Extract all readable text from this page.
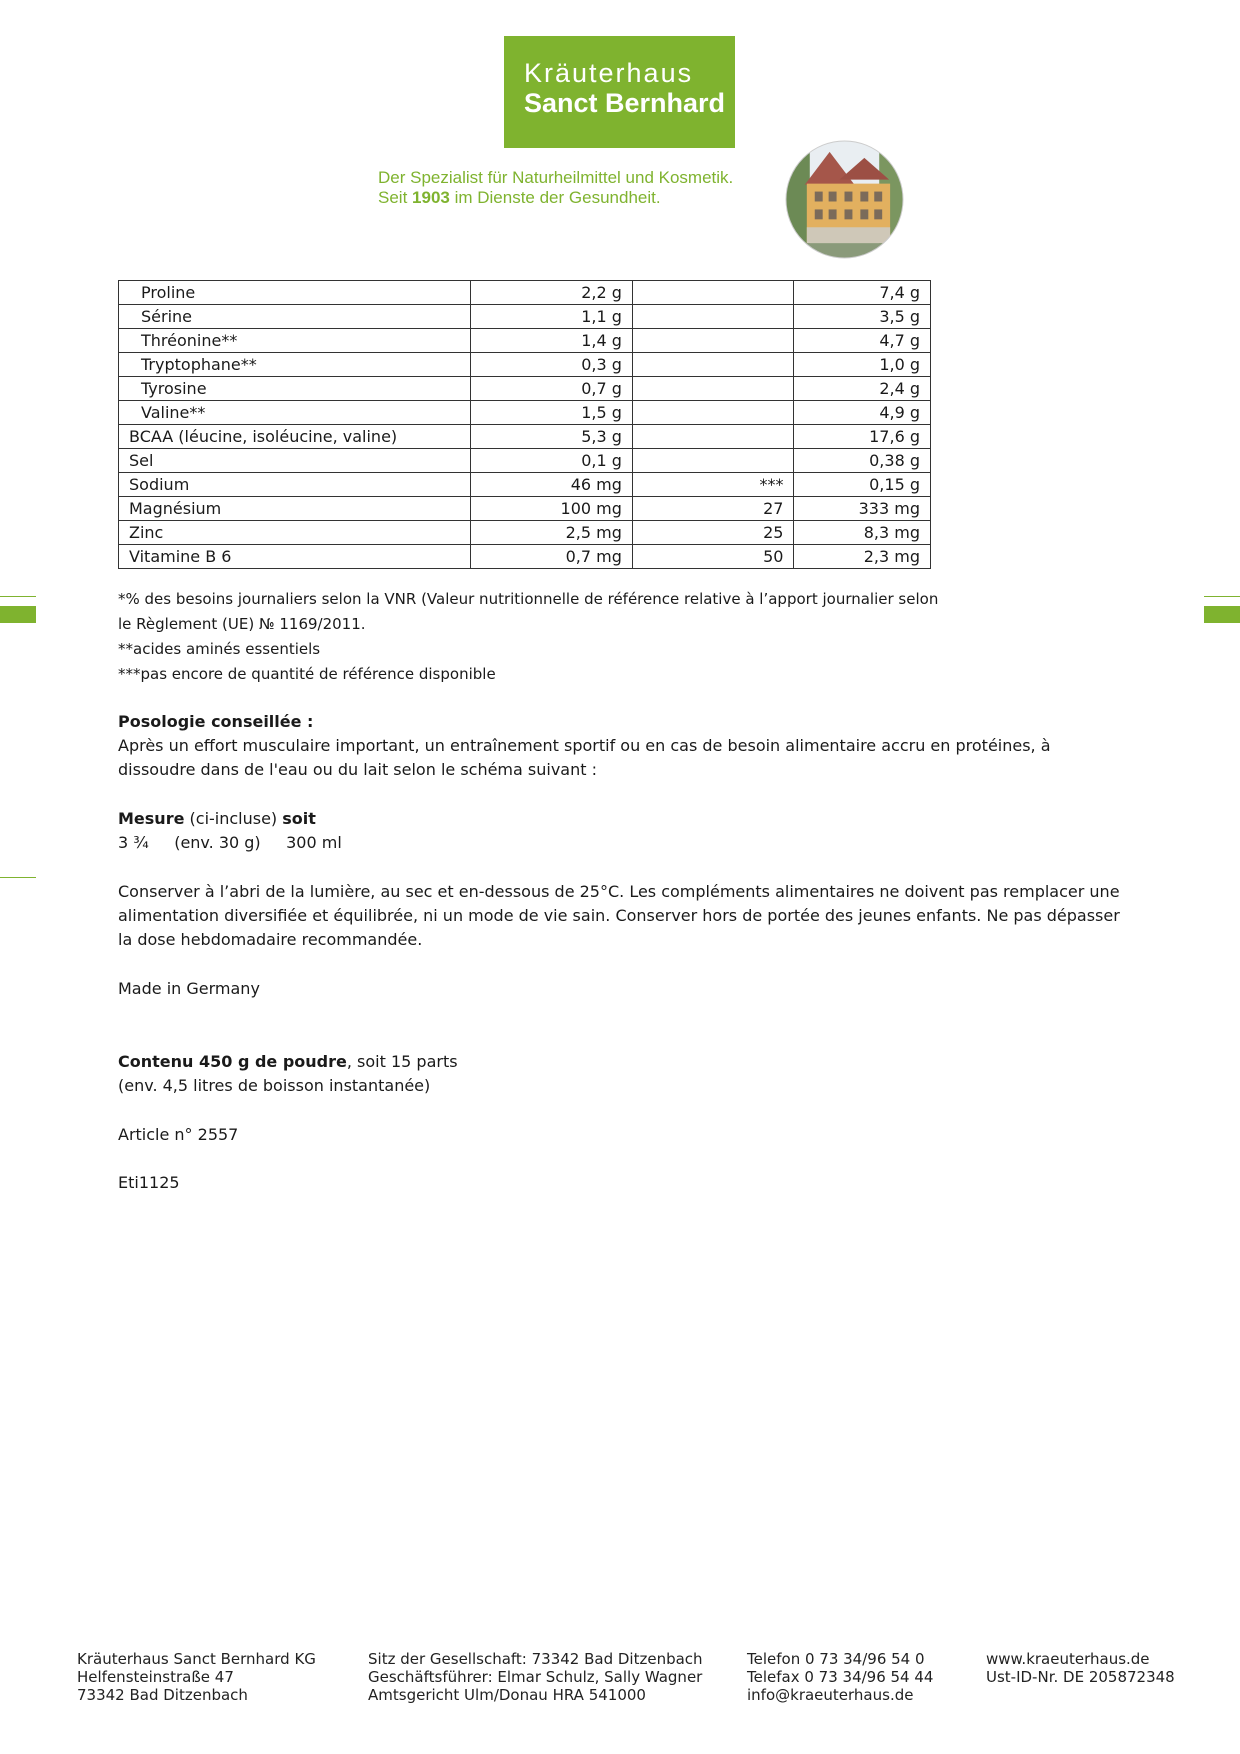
Kräuterhaus
Sanct Bernhard
Der Spezialist für Naturheilmittel und Kosmetik.
Seit 1903 im Dienste der Gesundheit.
Proline	2,2 g		7,4 g
Sérine	1,1 g		3,5 g
Thréonine**	1,4 g		4,7 g
Tryptophane**	0,3 g		1,0 g
Tyrosine	0,7 g		2,4 g
Valine**	1,5 g		4,9 g
BCAA (léucine, isoléucine, valine)	5,3 g		17,6 g
Sel	0,1 g		0,38 g
Sodium	46 mg	***	0,15 g
Magnésium	100 mg	27	333 mg
Zinc	2,5 mg	25	8,3 mg
Vitamine B 6	0,7 mg	50	2,3 mg
*% des besoins journaliers selon la VNR (Valeur nutritionnelle de référence relative à l’apport journalier selon
le Règlement (UE) № 1169/2011.
**acides aminés essentiels
***pas encore de quantité de référence disponible
Posologie conseillée :
Après un effort musculaire important, un entraînement sportif ou en cas de besoin alimentaire accru en protéines, à
dissoudre dans de l'eau ou du lait selon le schéma suivant :
Mesure (ci-incluse) soit
3 ¾     (env. 30 g)     300 ml
Conserver à l’abri de la lumière, au sec et en-dessous de 25°C. Les compléments alimentaires ne doivent pas remplacer une
alimentation diversifiée et équilibrée, ni un mode de vie sain. Conserver hors de portée des jeunes enfants. Ne pas dépasser
la dose hebdomadaire recommandée.
Made in Germany
Contenu 450 g de poudre, soit 15 parts
(env. 4,5 litres de boisson instantanée)
Article n° 2557
Eti1125
Kräuterhaus Sanct Bernhard KG
Helfensteinstraße 47
73342 Bad Ditzenbach
Sitz der Gesellschaft: 73342 Bad Ditzenbach
Geschäftsführer: Elmar Schulz, Sally Wagner
Amtsgericht Ulm/Donau HRA 541000
Telefon 0 73 34/96 54 0
Telefax 0 73 34/96 54 44
info@kraeuterhaus.de
www.kraeuterhaus.de
Ust-ID-Nr. DE 205872348
